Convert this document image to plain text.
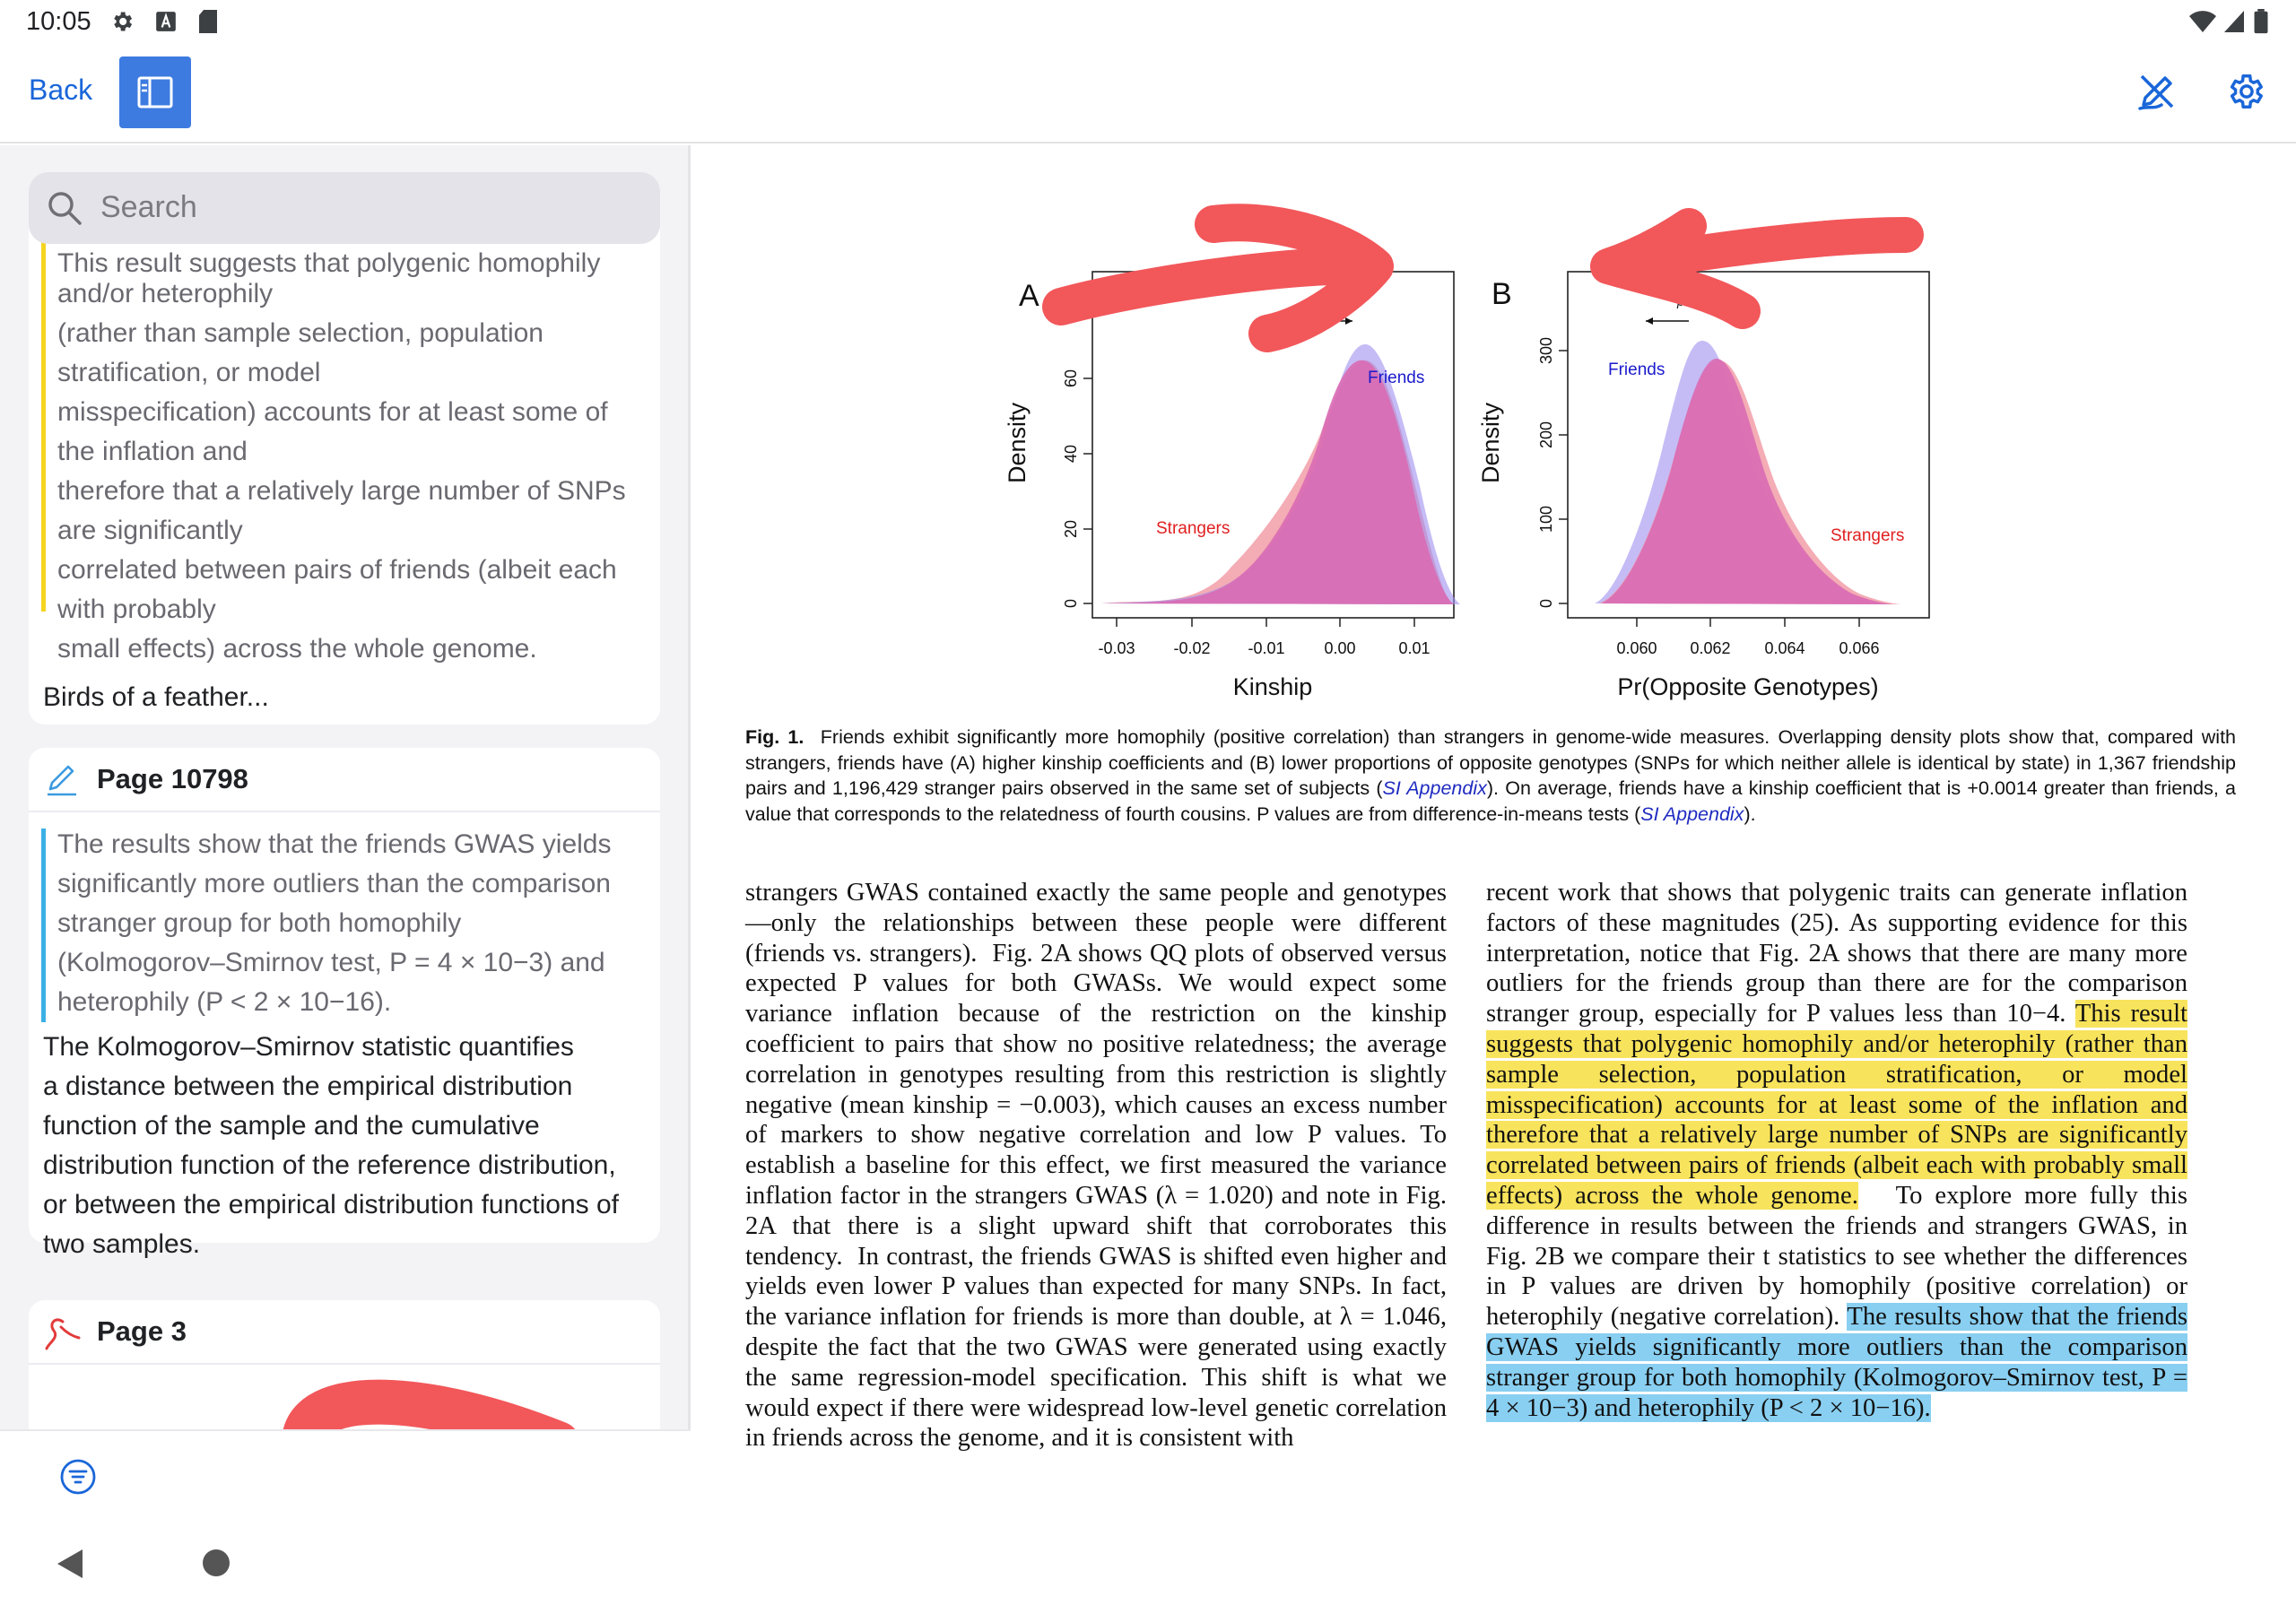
10:05
Back
Search
This result suggests that polygenic homophily
and/or heterophily
(rather than sample selection, population
stratification, or model
misspecification) accounts for at least some of
the inflation and
therefore that a relatively large number of SNPs
are significantly
correlated between pairs of friends (albeit each
with probably
small effects) across the whole genome.
Birds of a feather...
Page 10798
The results show that the friends GWAS yields
significantly more outliers than the comparison
stranger group for both homophily
(Kolmogorov–Smirnov test, P = 4 × 10−3) and
heterophily (P < 2 × 10−16).
The Kolmogorov–Smirnov statistic quantifies
a distance between the empirical distribution
function of the sample and the cumulative
distribution function of the reference distribution,
or between the empirical distribution functions of
two samples.
Page 3
A
Friends
Strangers
10 −16
Density
Kinship
0
20
40
60
-0.03 -0.02 -0.01 0.00	0.01
B
Friends
Strangers
p
Density
Pr(Opposite Genotypes)
0
100
200
300
0.060 0.062 0.064 0.066
Fig. 1. Friends exhibit significantly more homophily (positive correlation) than strangers in genome-wide measures. Overlapping density plots show that, compared with strangers, friends have (A) higher kinship coefficients and (B) lower proportions of opposite genotypes (SNPs for which neither allele is identical by state) in 1,367 friendship pairs and 1,196,429 stranger pairs observed in the same set of subjects (SI Appendix). On average, friends have a kinship coefficient that is +0.0014 greater than friends, a value that corresponds to the relatedness of fourth cousins. P values are from difference-in-means tests (SI Appendix).
strangers GWAS contained exactly the same people and genotypes—only the relationships between these people were different (friends vs. strangers).  Fig. 2A shows QQ plots of observed versus expected P values for both GWASs. We would expect some variance inflation because of the restriction on the kinship coefficient to pairs that show no positive relatedness; the average correlation in genotypes resulting from this restriction is slightly negative (mean kinship = −0.003), which causes an excess number of markers to show negative correlation and low P values. To establish a baseline for this effect, we first measured the variance inflation factor in the strangers GWAS (λ = 1.020) and note in Fig. 2A that there is a slight upward shift that corroborates this tendency.  In contrast, the friends GWAS is shifted even higher and yields even lower P values than expected for many SNPs. In fact, the variance inflation for friends is more than double, at λ = 1.046, despite the fact that the two GWAS were generated using exactly the same regression-model specification. This shift is what we would expect if there were widespread low-level genetic correlation in friends across the genome, and it is consistent with
recent work that shows that polygenic traits can generate inflation factors of these magnitudes (25). As supporting evidence for this interpretation, notice that Fig. 2A shows that there are many more outliers for the friends group than there are for the comparison stranger group, especially for P values less than 10−4. This result suggests that polygenic homophily and/or heterophily (rather than sample selection, population stratification, or model misspecification) accounts for at least some of the inflation and therefore that a relatively large number of SNPs are significantly correlated between pairs of friends (albeit each with probably small effects) across the whole genome.   To explore more fully this difference in results between the friends and strangers GWAS, in Fig. 2B we compare their t statistics to see whether the differences in P values are driven by homophily (positive correlation) or heterophily (negative correlation). The results show that the friends GWAS yields significantly more outliers than the comparison stranger group for both homophily (Kolmogorov–Smirnov test, P = 4 × 10−3) and heterophily (P < 2 × 10−16).
